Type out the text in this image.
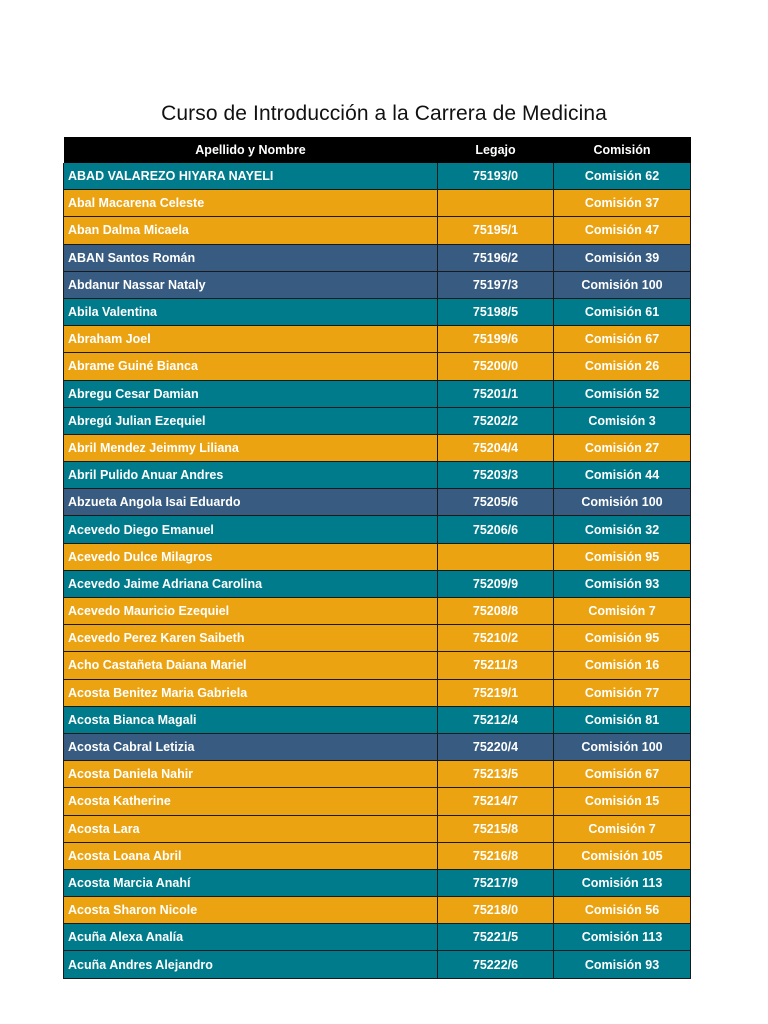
Curso de Introducción a la Carrera de Medicina
Apellido y Nombre	Legajo	Comisión
ABAD VALAREZO HIYARA NAYELI	75193/0	Comisión 62
Abal Macarena Celeste		Comisión 37
Aban Dalma Micaela	75195/1	Comisión 47
ABAN Santos Román	75196/2	Comisión 39
Abdanur Nassar Nataly	75197/3	Comisión 100
Abila Valentina	75198/5	Comisión 61
Abraham Joel	75199/6	Comisión 67
Abrame Guiné Bianca	75200/0	Comisión 26
Abregu Cesar Damian	75201/1	Comisión 52
Abregú Julian Ezequiel	75202/2	Comisión 3
Abril Mendez Jeimmy Liliana	75204/4	Comisión 27
Abril Pulido Anuar Andres	75203/3	Comisión 44
Abzueta Angola Isai Eduardo	75205/6	Comisión 100
Acevedo Diego Emanuel	75206/6	Comisión 32
Acevedo Dulce Milagros		Comisión 95
Acevedo Jaime Adriana Carolina	75209/9	Comisión 93
Acevedo Mauricio Ezequiel	75208/8	Comisión 7
Acevedo Perez Karen Saibeth	75210/2	Comisión 95
Acho Castañeta Daiana Mariel	75211/3	Comisión 16
Acosta Benitez Maria Gabriela	75219/1	Comisión 77
Acosta Bianca Magali	75212/4	Comisión 81
Acosta Cabral Letizia	75220/4	Comisión 100
Acosta Daniela Nahir	75213/5	Comisión 67
Acosta Katherine	75214/7	Comisión 15
Acosta Lara	75215/8	Comisión 7
Acosta Loana Abril	75216/8	Comisión 105
Acosta Marcia Anahí	75217/9	Comisión 113
Acosta Sharon Nicole	75218/0	Comisión 56
Acuña Alexa Analía	75221/5	Comisión 113
Acuña Andres Alejandro	75222/6	Comisión 93
